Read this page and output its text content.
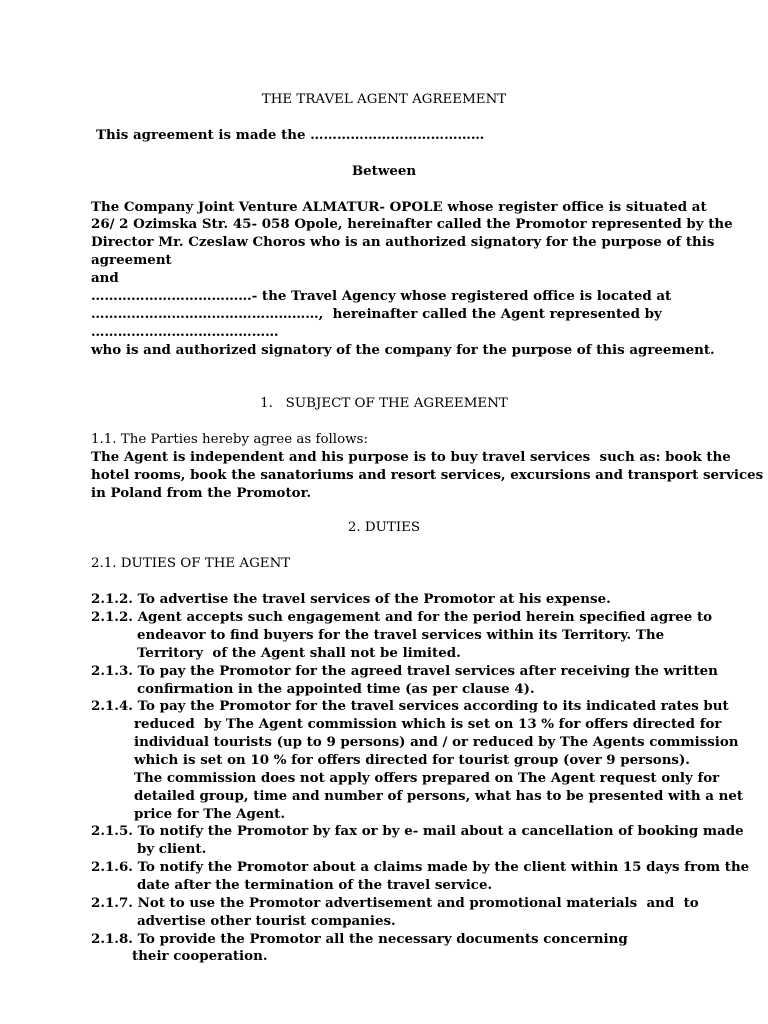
THE TRAVEL AGENT AGREEMENT
This agreement is made the …………………………………
Between
The Company Joint Venture ALMATUR- OPOLE whose register office is situated at
26/ 2 Ozimska Str. 45- 058 Opole, hereinafter called the Promotor represented by the
Director Mr. Czeslaw Choros who is an authorized signatory for the purpose of this
agreement
and
………………………………- the Travel Agency whose registered office is located at
……………………………………………,  hereinafter called the Agent represented by
……………………………………
who is and authorized signatory of the company for the purpose of this agreement.
1.   SUBJECT OF THE AGREEMENT
1.1. The Parties hereby agree as follows:
The Agent is independent and his purpose is to buy travel services  such as: book the
hotel rooms, book the sanatoriums and resort services, excursions and transport services
in Poland from the Promotor.
2. DUTIES
2.1. DUTIES OF THE AGENT
2.1.2. To advertise the travel services of the Promotor at his expense.
2.1.2. Agent accepts such engagement and for the period herein specified agree to
endeavor to find buyers for the travel services within its Territory. The
Territory  of the Agent shall not be limited.
2.1.3. To pay the Promotor for the agreed travel services after receiving the written
confirmation in the appointed time (as per clause 4).
2.1.4. To pay the Promotor for the travel services according to its indicated rates but
reduced  by The Agent commission which is set on 13 % for offers directed for
individual tourists (up to 9 persons) and / or reduced by The Agents commission
which is set on 10 % for offers directed for tourist group (over 9 persons).
The commission does not apply offers prepared on The Agent request only for
detailed group, time and number of persons, what has to be presented with a net
price for The Agent.
2.1.5. To notify the Promotor by fax or by e- mail about a cancellation of booking made
by client.
2.1.6. To notify the Promotor about a claims made by the client within 15 days from the
date after the termination of the travel service.
2.1.7. Not to use the Promotor advertisement and promotional materials  and  to
advertise other tourist companies.
2.1.8. To provide the Promotor all the necessary documents concerning
their cooperation.
